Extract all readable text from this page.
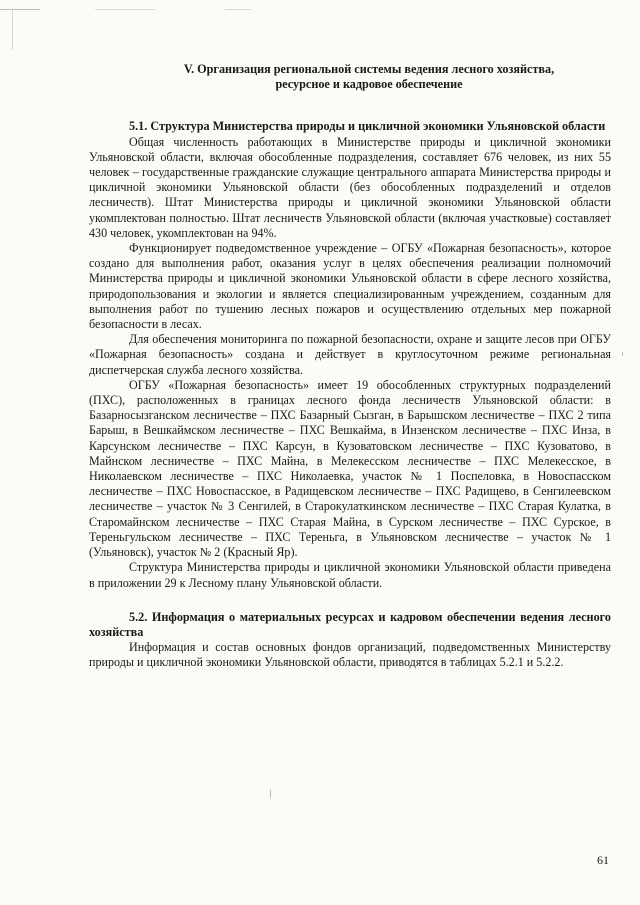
V. Организация региональной системы ведения лесного хозяйства,
ресурсное и кадровое обеспечение
5.1. Структура Министерства природы и цикличной экономики Ульяновской области

Общая численность работающих в Министерстве природы и цикличной экономики Ульяновской области, включая обособленные подразделения, составляет 676 человек, из них 55 человек – государственные гражданские служащие центрального аппарата Министерства природы и цикличной экономики Ульяновской области (без обособленных подразделений и отделов лесничеств). Штат Министерства природы и цикличной экономики Ульяновской области укомплектован полностью. Штат лесничеств Ульяновской области (включая участковые) составляет 430 человек, укомплектован на 94%.

Функционирует подведомственное учреждение – ОГБУ «Пожарная безопасность», которое создано для выполнения работ, оказания услуг в целях обеспечения реализации полномочий Министерства природы и цикличной экономики Ульяновской области в сфере лесного хозяйства, природопользования и экологии и является специализированным учреждением, созданным для выполнения работ по тушению лесных пожаров и осуществлению отдельных мер пожарной безопасности в лесах.

Для обеспечения мониторинга по пожарной безопасности, охране и защите лесов при ОГБУ «Пожарная безопасность» создана и действует в круглосуточном режиме региональная диспетчерская служба лесного хозяйства.

ОГБУ «Пожарная безопасность» имеет 19 обособленных структурных подразделений (ПХС), расположенных в границах лесного фонда лесничеств Ульяновской области: в Базарносызганском лесничестве – ПХС Базарный Сызган, в Барышском лесничестве – ПХС 2 типа Барыш, в Вешкаймском лесничестве – ПХС Вешкайма, в Инзенском лесничестве – ПХС Инза, в Карсунском лесничестве – ПХС Карсун, в Кузоватовском лесничестве – ПХС Кузоватово, в Майнском лесничестве – ПХС Майна, в Мелекесском лесничестве – ПХС Мелекесское, в Николаевском лесничестве – ПХС Николаевка, участок № 1 Поспеловка, в Новоспасском лесничестве – ПХС Новоспасское, в Радищевском лесничестве – ПХС Радищево, в Сенгилеевском лесничестве – участок № 3 Сенгилей, в Старокулаткинском лесничестве – ПХС Старая Кулатка, в Старомайнском лесничестве – ПХС Старая Майна, в Сурском лесничестве – ПХС Сурское, в Тереньгульском лесничестве – ПХС Тереньга, в Ульяновском лесничестве – участок № 1 (Ульяновск), участок № 2 (Красный Яр).

Структура Министерства природы и цикличной экономики Ульяновской области приведена в приложении 29 к Лесному плану Ульяновской области.

5.2. Информация о материальных ресурсах и кадровом обеспечении ведения лесного хозяйства

Информация и состав основных фондов организаций, подведомственных Министерству природы и цикличной экономики Ульяновской области, приводятся в таблицах 5.2.1 и 5.2.2.

61
